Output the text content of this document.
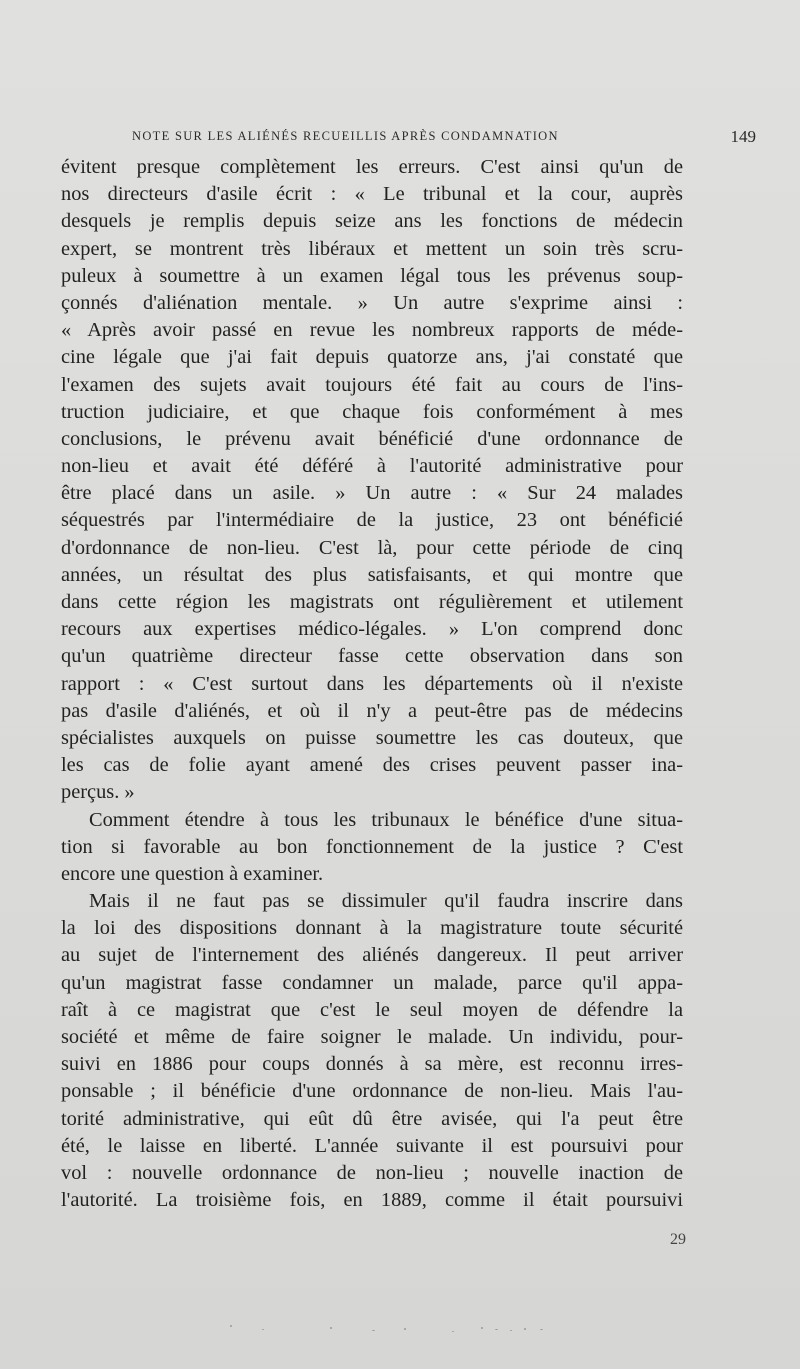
NOTE SUR LES ALIÉNÉS RECUEILLIS APRÈS CONDAMNATION	149
évitent presque complètement les erreurs. C'est ainsi qu'un de
nos directeurs d'asile écrit : « Le tribunal et la cour, auprès
desquels je remplis depuis seize ans les fonctions de médecin
expert, se montrent très libéraux et mettent un soin très scru-
puleux à soumettre à un examen légal tous les prévenus soup-
çonnés d'aliénation mentale. » Un autre s'exprime ainsi :
« Après avoir passé en revue les nombreux rapports de méde-
cine légale que j'ai fait depuis quatorze ans, j'ai constaté que
l'examen des sujets avait toujours été fait au cours de l'ins-
truction judiciaire, et que chaque fois conformément à mes
conclusions, le prévenu avait bénéficié d'une ordonnance de
non-lieu et avait été déféré à l'autorité administrative pour
être placé dans un asile. » Un autre : « Sur 24 malades
séquestrés par l'intermédiaire de la justice, 23 ont bénéficié
d'ordonnance de non-lieu. C'est là, pour cette période de cinq
années, un résultat des plus satisfaisants, et qui montre que
dans cette région les magistrats ont régulièrement et utilement
recours aux expertises médico-légales. » L'on comprend donc
qu'un quatrième directeur fasse cette observation dans son
rapport : « C'est surtout dans les départements où il n'existe
pas d'asile d'aliénés, et où il n'y a peut-être pas de médecins
spécialistes auxquels on puisse soumettre les cas douteux, que
les cas de folie ayant amené des crises peuvent passer ina-
perçus. »
Comment étendre à tous les tribunaux le bénéfice d'une situa-
tion si favorable au bon fonctionnement de la justice ? C'est
encore une question à examiner.
Mais il ne faut pas se dissimuler qu'il faudra inscrire dans
la loi des dispositions donnant à la magistrature toute sécurité
au sujet de l'internement des aliénés dangereux. Il peut arriver
qu'un magistrat fasse condamner un malade, parce qu'il appa-
raît à ce magistrat que c'est le seul moyen de défendre la
société et même de faire soigner le malade. Un individu, pour-
suivi en 1886 pour coups donnés à sa mère, est reconnu irres-
ponsable ; il bénéficie d'une ordonnance de non-lieu. Mais l'au-
torité administrative, qui eût dû être avisée, qui l'a peut être
été, le laisse en liberté. L'année suivante il est poursuivi pour
vol : nouvelle ordonnance de non-lieu ; nouvelle inaction de
l'autorité. La troisième fois, en 1889, comme il était poursuivi
29
